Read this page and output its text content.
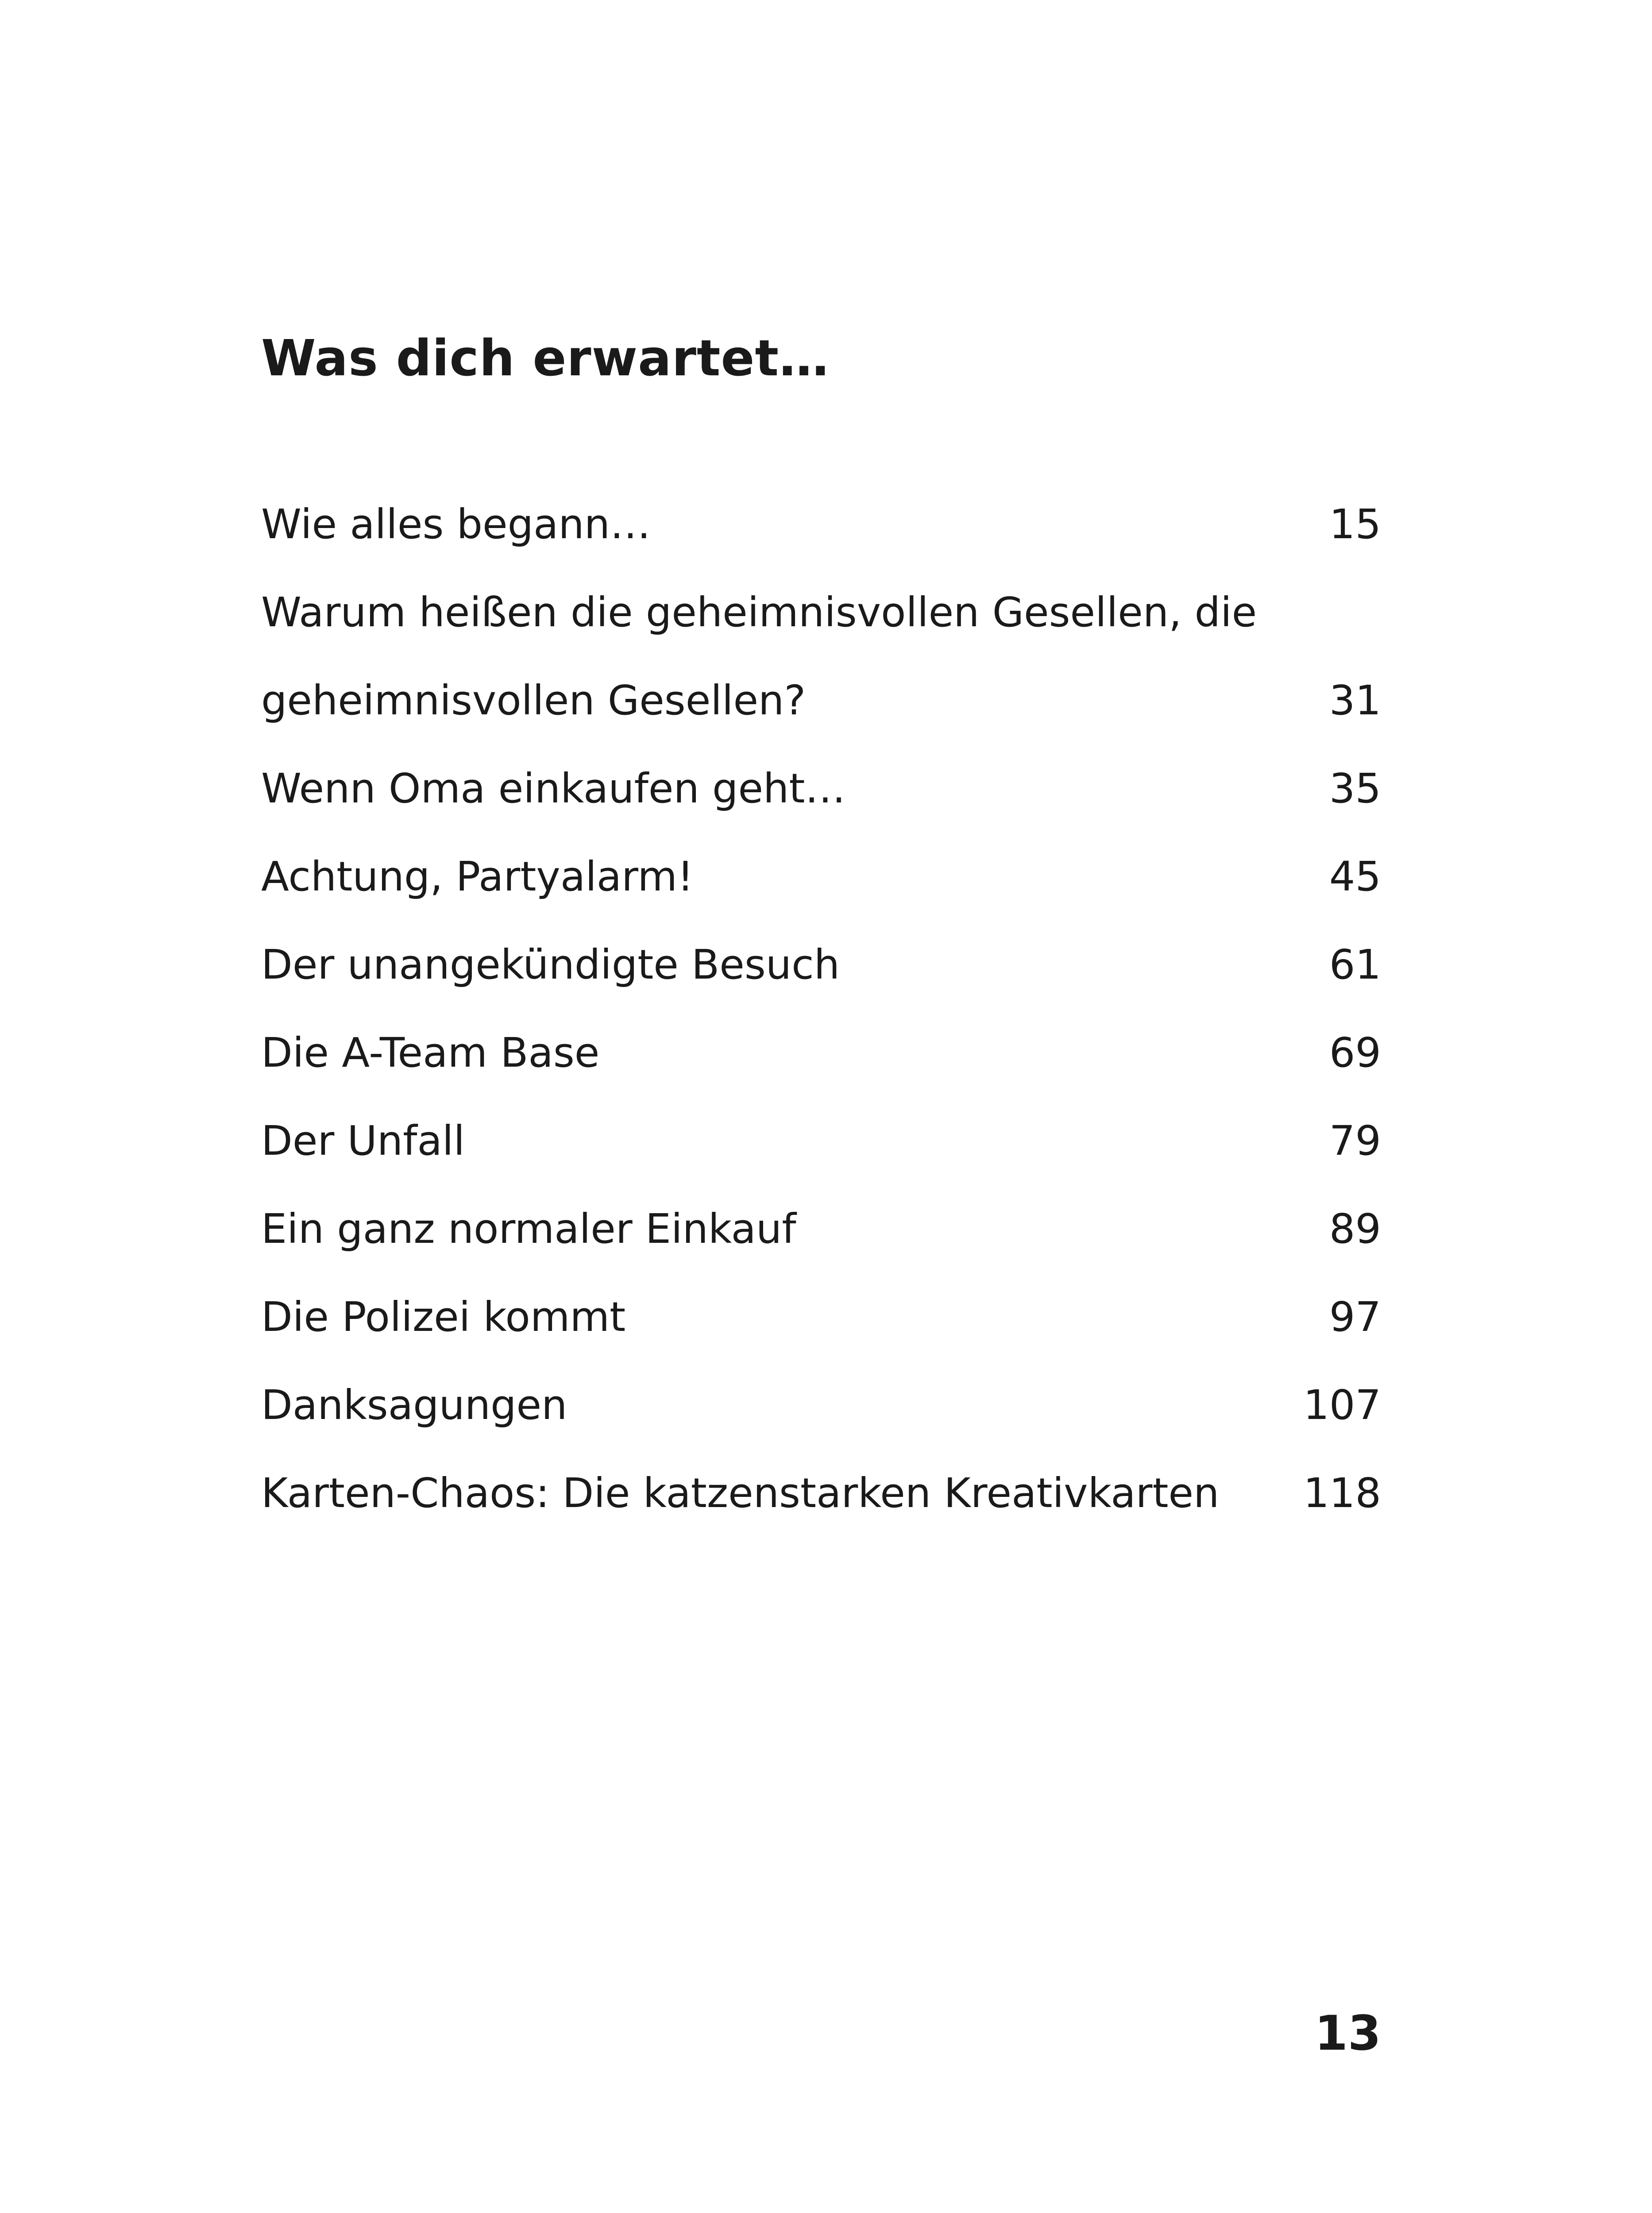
Was dich erwartet…
Wie alles begann…	15
Warum heißen die geheimnisvollen Gesellen, die
geheimnisvollen Gesellen?	31
Wenn Oma einkaufen geht…	35
Achtung, Partyalarm!	45
Der unangekündigte Besuch	61
Die A-Team Base	69
Der Unfall	79
Ein ganz normaler Einkauf	89
Die Polizei kommt	97
Danksagungen	107
Karten-Chaos: Die katzenstarken Kreativkarten 118

13
